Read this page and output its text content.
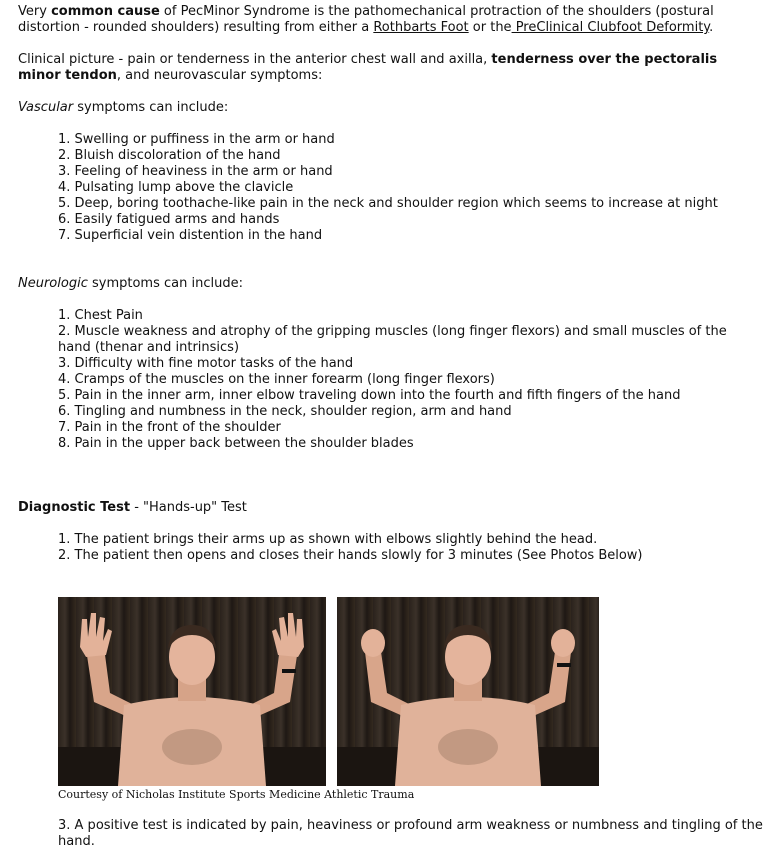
Very common cause of PecMinor Syndrome is the pathomechanical protraction of the shoulders (postural distortion - rounded shoulders) resulting from either a Rothbarts Foot or the PreClinical Clubfoot Deformity.

Clinical picture - pain or tenderness in the anterior chest wall and axilla, tenderness over the pectoralis minor tendon, and neurovascular symptoms:

Vascular symptoms can include:

1. Swelling or puffiness in the arm or hand
2. Bluish discoloration of the hand
3. Feeling of heaviness in the arm or hand
4. Pulsating lump above the clavicle
5. Deep, boring toothache-like pain in the neck and shoulder region which seems to increase at night
6. Easily fatigued arms and hands
7. Superficial vein distention in the hand

Neurologic symptoms can include:

1. Chest Pain
2. Muscle weakness and atrophy of the gripping muscles (long finger flexors) and small muscles of the hand (thenar and intrinsics)
3. Difficulty with fine motor tasks of the hand
4. Cramps of the muscles on the inner forearm (long finger flexors)
5. Pain in the inner arm, inner elbow traveling down into the fourth and fifth fingers of the hand
6. Tingling and numbness in the neck, shoulder region, arm and hand
7. Pain in the front of the shoulder
8. Pain in the upper back between the shoulder blades

Diagnostic Test - "Hands-up" Test

1. The patient brings their arms up as shown with elbows slightly behind the head.
2. The patient then opens and closes their hands slowly for 3 minutes (See Photos Below)
Courtesy of Nicholas Institute Sports Medicine Athletic Trauma
3. A positive test is indicated by pain, heaviness or profound arm weakness or numbness and tingling of the hand.
